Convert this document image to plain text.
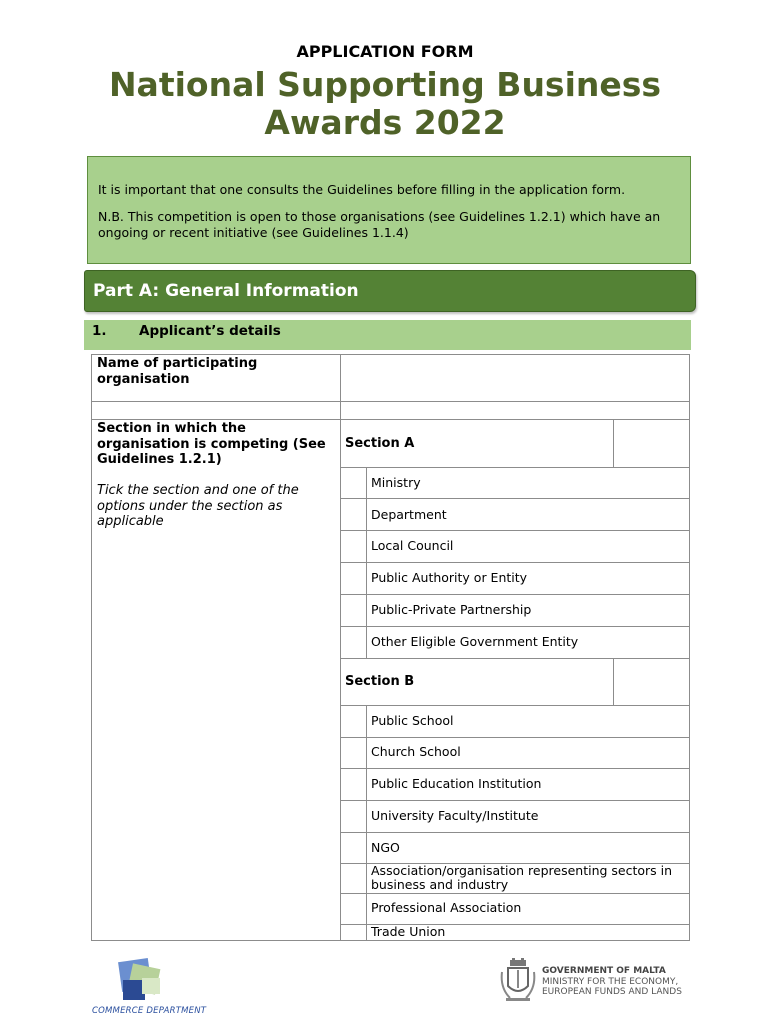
APPLICATION FORM
National Supporting Business
Awards 2022

It is important that one consults the Guidelines before filling in the application form.

N.B. This competition is open to those organisations (see Guidelines 1.2.1) which have an ongoing or recent initiative (see Guidelines 1.1.4)

Part A: General Information
1. Applicant’s details
Name of participating organisation
Section in which the organisation is competing (See Guidelines 1.2.1)
Tick the section and one of the options under the section as applicable
Section A
Section B
Ministry
Department
Local Council
Public Authority or Entity
Public-Private Partnership
Other Eligible Government Entity
Public School
Church School
Public Education Institution
University Faculty/Institute
NGO
Association/organisation representing sectors in business and industry
Professional Association
Trade Union
COMMERCE DEPARTMENT
GOVERNMENT OF MALTA
MINISTRY FOR THE ECONOMY,
EUROPEAN FUNDS AND LANDS
